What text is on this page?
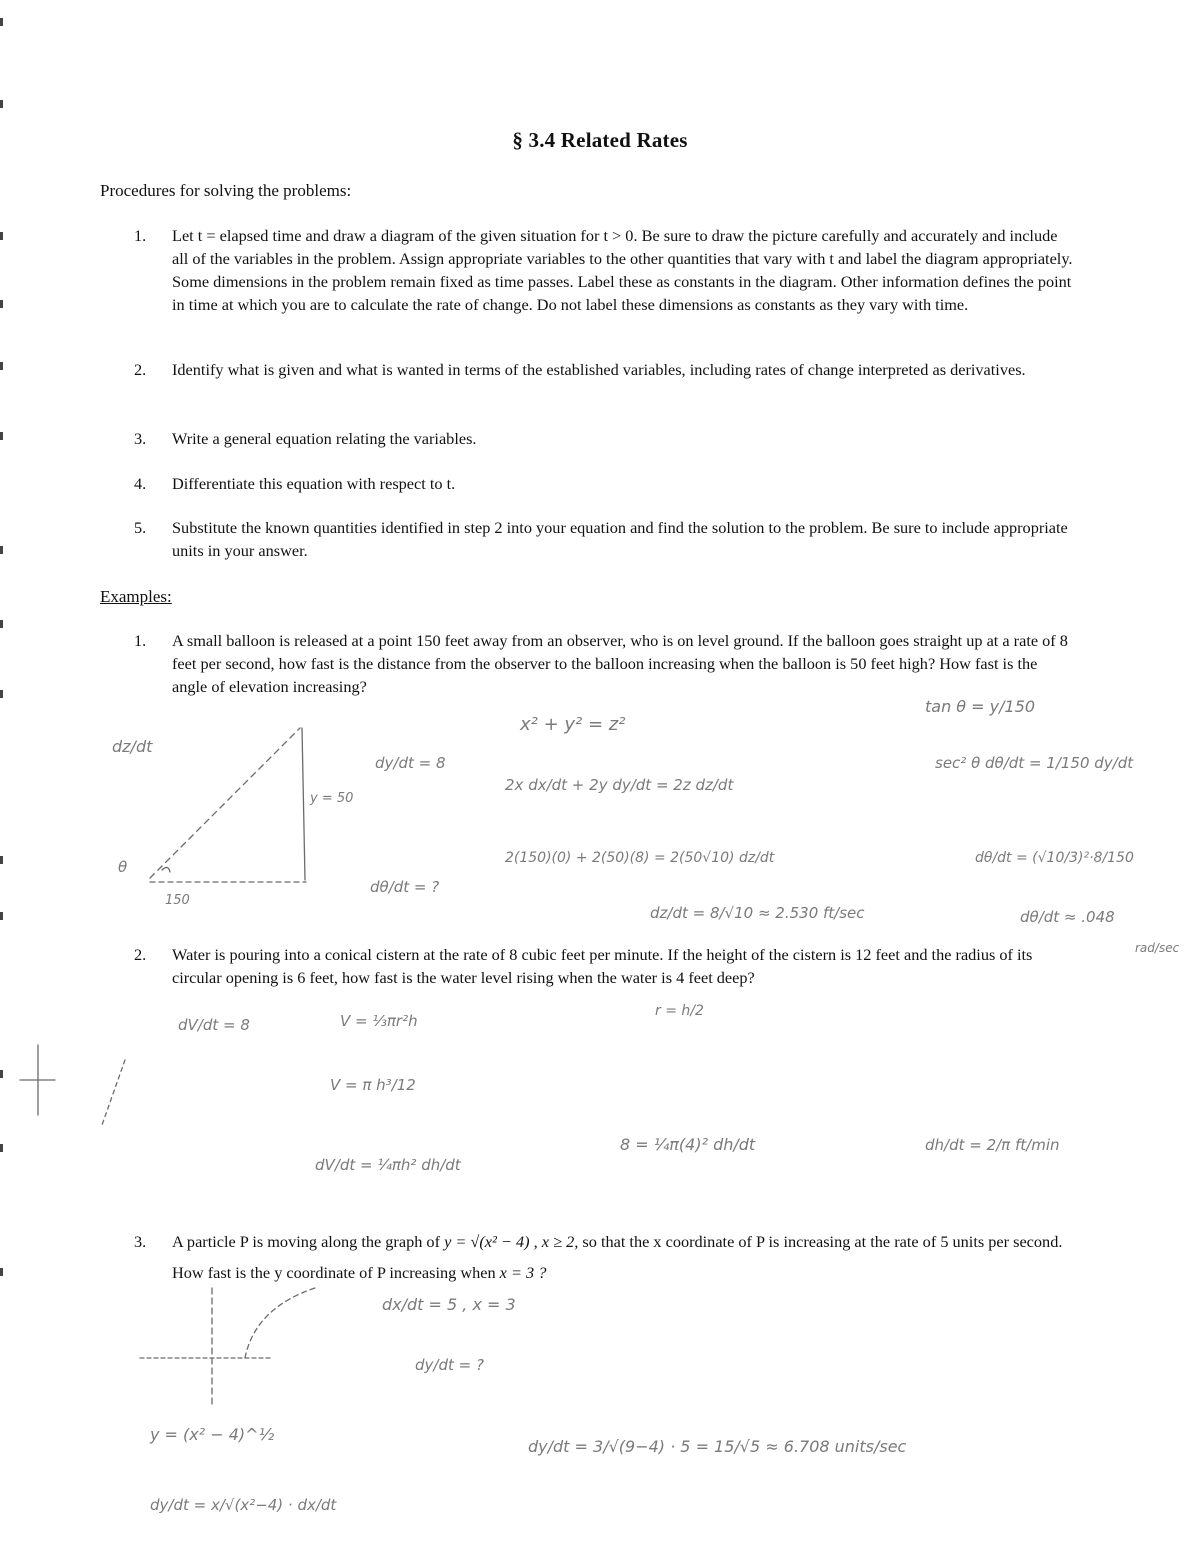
§ 3.4 Related Rates
Procedures for solving the problems:
1.	Let t = elapsed time and draw a diagram of the given situation for t > 0. Be sure to draw the picture carefully and accurately and include all of the variables in the problem. Assign appropriate variables to the other quantities that vary with t and label the diagram appropriately. Some dimensions in the problem remain fixed as time passes. Label these as constants in the diagram. Other information defines the point in time at which you are to calculate the rate of change. Do not label these dimensions as constants as they vary with time.
2.	Identify what is given and what is wanted in terms of the established variables, including rates of change interpreted as derivatives.
3.	Write a general equation relating the variables.
4.	Differentiate this equation with respect to t.
5.	Substitute the known quantities identified in step 2 into your equation and find the solution to the problem. Be sure to include appropriate units in your answer.
Examples:
1.	A small balloon is released at a point 150 feet away from an observer, who is on level ground. If the balloon goes straight up at a rate of 8 feet per second, how fast is the distance from the observer to the balloon increasing when the balloon is 50 feet high? How fast is the angle of elevation increasing?
2.	Water is pouring into a conical cistern at the rate of 8 cubic feet per minute. If the height of the cistern is 12 feet and the radius of its circular opening is 6 feet, how fast is the water level rising when the water is 4 feet deep?
3.	A particle P is moving along the graph of y = √(x² − 4) , x ≥ 2, so that the x coordinate of P is increasing at the rate of 5 units per second. How fast is the y coordinate of P increasing when x = 3 ?
dz/dt
θ
150
y = 50
dy/dt = 8
dθ/dt = ?
x² + y² = z²
2x dx/dt + 2y dy/dt = 2z dz/dt
2(150)(0) + 2(50)(8) = 2(50√10) dz/dt
dz/dt = 8/√10 ≈ 2.530 ft/sec
tan θ = y/150
sec² θ dθ/dt = 1/150 dy/dt
dθ/dt = (√10/3)²·8/150
dθ/dt ≈ .048
rad/sec
dV/dt = 8	V = ⅓πr²h
r = h/2
V = π h³/12
dV/dt = ¼πh² dh/dt
8 = ¼π(4)² dh/dt	dh/dt = 2/π ft/min
dx/dt = 5 , x = 3
dy/dt = ?
y = (x² − 4)^½
dy/dt = x/√(x²−4) · dx/dt
dy/dt = 3/√(9−4) · 5 = 15/√5 ≈ 6.708 units/sec
